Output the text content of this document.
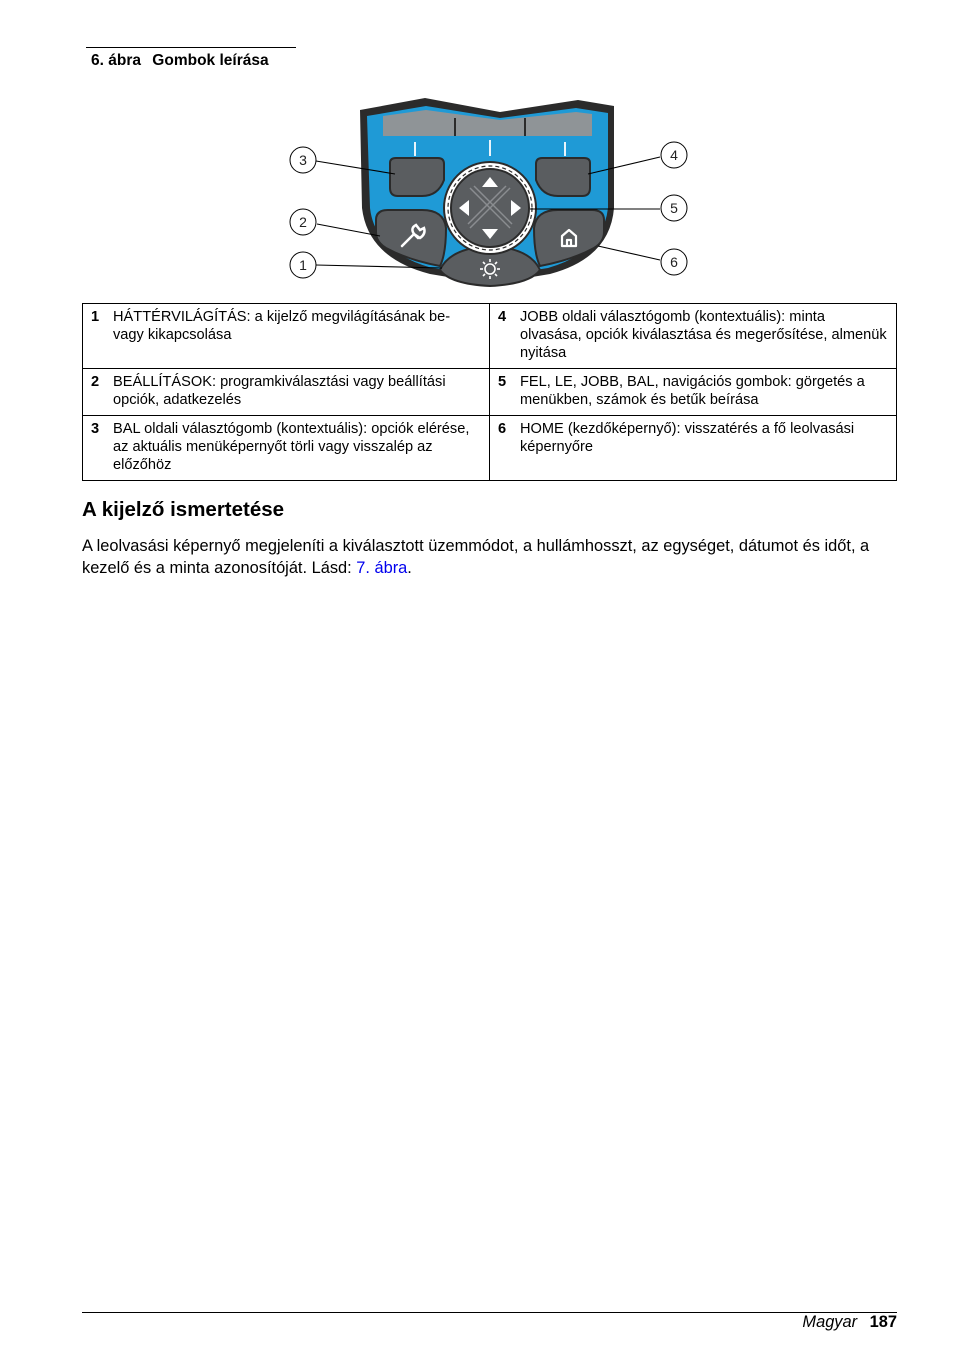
6. ábra Gombok leírása
3
2
1
4
5
6
1 HÁTTÉRVILÁGÍTÁS: a kijelző megvilágításának be- vagy kikapcsolása	4 JOBB oldali választógomb (kontextuális): minta olvasása, opciók kiválasztása és megerősítése, almenük nyitása

2 BEÁLLÍTÁSOK: programkiválasztási vagy beállítási opciók, adatkezelés	5 FEL, LE, JOBB, BAL, navigációs gombok: görgetés a menükben, számok és betűk beírása

3 BAL oldali választógomb (kontextuális): opciók elérése, az aktuális menüképernyőt törli vagy visszalép az előzőhöz	6 HOME (kezdőképernyő): visszatérés a fő leolvasási képernyőre
A kijelző ismertetése

A leolvasási képernyő megjeleníti a kiválasztott üzemmódot, a hullámhosszt, az egységet, dátumot és időt, a kezelő és a minta azonosítóját. Lásd: 7. ábra.

Magyar 187
